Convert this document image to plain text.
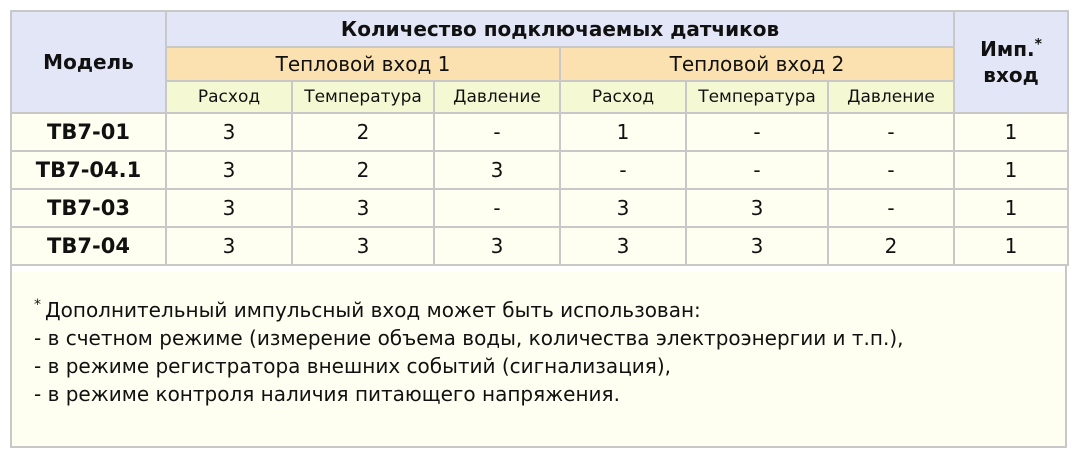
Модель	Количество подключаемых датчиков						Имп.*
вход
	Тепловой вход 1			Тепловой вход 2			
	Расход	Температура	Давление	Расход	Температура	Давление	
ТВ7-01	3	2	-	1	-	-	1
ТВ7-04.1	3	2	3	-	-	-	1
ТВ7-03	3	3	-	3	3	-	1
ТВ7-04	3	3	3	3	3	2	1
* Дополнительный импульсный вход может быть использован:
- в счетном режиме (измерение объема воды, количества электроэнергии и т.п.),
- в режиме регистратора внешних событий (сигнализация),
- в режиме контроля наличия питающего напряжения.
